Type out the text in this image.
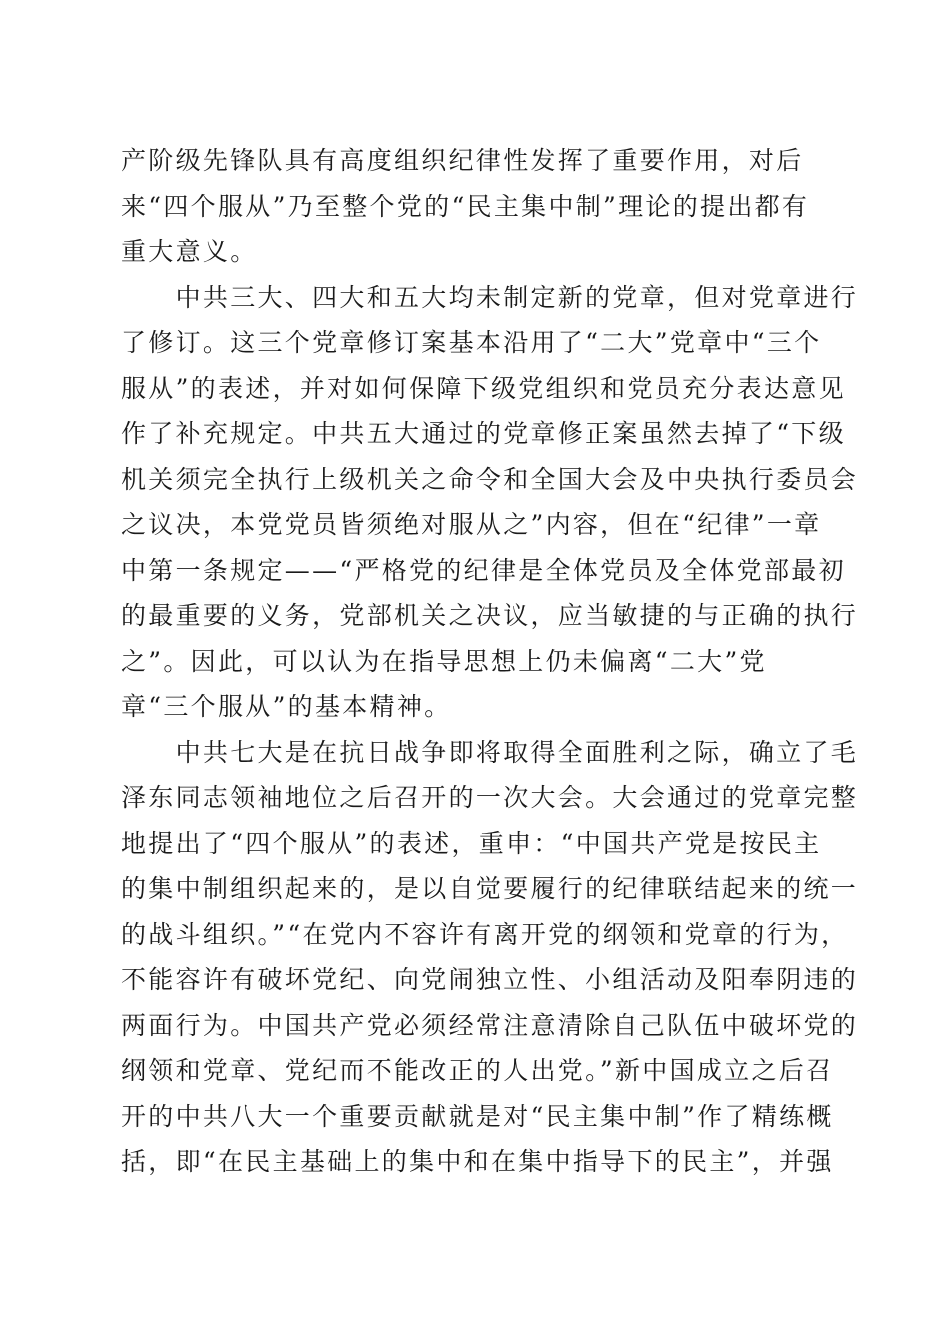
产阶级先锋队具有高度组织纪律性发挥了重要作用，对后
来“四个服从”乃至整个党的“民主集中制”理论的提出都有
重大意义。
　　中共三大、四大和五大均未制定新的党章，但对党章进行
了修订。这三个党章修订案基本沿用了“二大”党章中“三个
服从”的表述，并对如何保障下级党组织和党员充分表达意见
作了补充规定。中共五大通过的党章修正案虽然去掉了“下级
机关须完全执行上级机关之命令和全国大会及中央执行委员会
之议决，本党党员皆须绝对服从之”内容，但在“纪律”一章
中第一条规定——“严格党的纪律是全体党员及全体党部最初
的最重要的义务，党部机关之决议，应当敏捷的与正确的执行
之”。因此，可以认为在指导思想上仍未偏离“二大”党
章“三个服从”的基本精神。
　　中共七大是在抗日战争即将取得全面胜利之际，确立了毛
泽东同志领袖地位之后召开的一次大会。大会通过的党章完整
地提出了“四个服从”的表述，重申：“中国共产党是按民主
的集中制组织起来的，是以自觉要履行的纪律联结起来的统一
的战斗组织。”“在党内不容许有离开党的纲领和党章的行为，
不能容许有破坏党纪、向党闹独立性、小组活动及阳奉阴违的
两面行为。中国共产党必须经常注意清除自己队伍中破坏党的
纲领和党章、党纪而不能改正的人出党。”新中国成立之后召
开的中共八大一个重要贡献就是对“民主集中制”作了精练概
括，即“在民主基础上的集中和在集中指导下的民主”，并强
